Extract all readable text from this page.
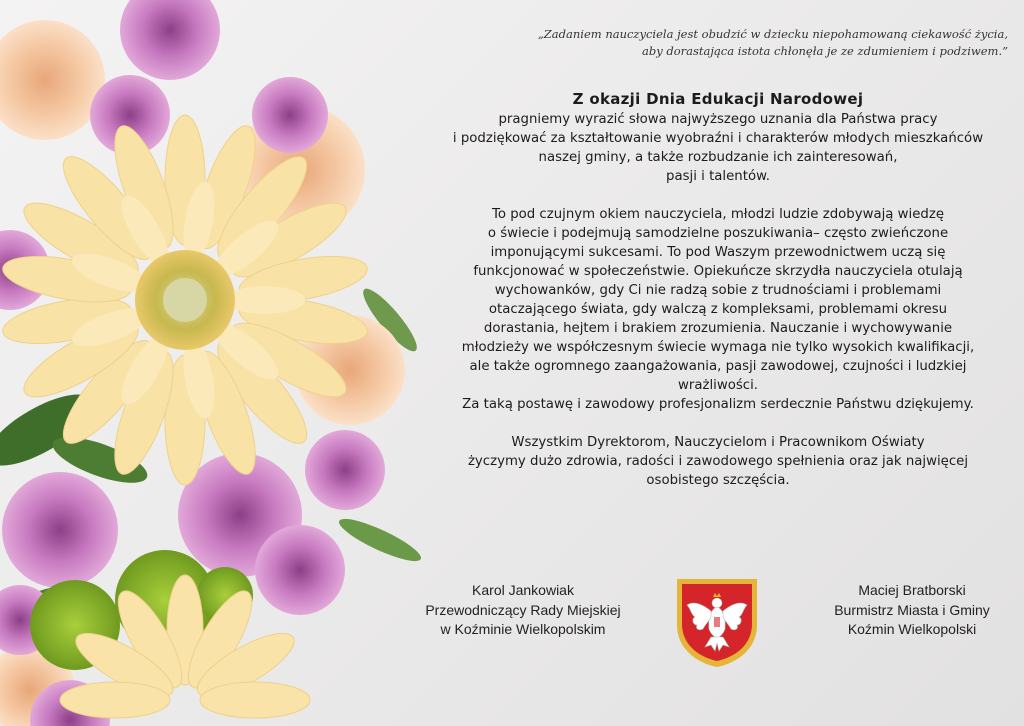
„Zadaniem nauczyciela jest obudzić w dziecku niepohamowaną ciekawość życia,
aby dorastająca istota chłonęła je ze zdumieniem i podziwem.”
Z okazji Dnia Edukacji Narodowej
pragniemy wyrazić słowa najwyższego uznania dla Państwa pracy
i podziękować za kształtowanie wyobraźni i charakterów młodych mieszkańców
naszej gminy, a także rozbudzanie ich zainteresowań,
pasji i talentów.
To pod czujnym okiem nauczyciela, młodzi ludzie zdobywają wiedzę
o świecie i podejmują samodzielne poszukiwania– często zwieńczone
imponującymi sukcesami. To pod Waszym przewodnictwem uczą się
funkcjonować w społeczeństwie. Opiekuńcze skrzydła nauczyciela otulają
wychowanków, gdy Ci nie radzą sobie z trudnościami i problemami
otaczającego świata, gdy walczą z kompleksami, problemami okresu
dorastania, hejtem i brakiem zrozumienia. Nauczanie i wychowywanie
młodzieży we współczesnym świecie wymaga nie tylko wysokich kwalifikacji,
ale także ogromnego zaangażowania, pasji zawodowej, czujności i ludzkiej
wrażliwości.
Za taką postawę i zawodowy profesjonalizm serdecznie Państwu dziękujemy.
Wszystkim Dyrektorom, Nauczycielom i Pracownikom Oświaty
życzymy dużo zdrowia, radości i zawodowego spełnienia oraz jak najwięcej
osobistego szczęścia.
Karol Jankowiak
Przewodniczący Rady Miejskiej
w Koźminie Wielkopolskim
Maciej Bratborski
Burmistrz Miasta i Gminy
Koźmin Wielkopolski
